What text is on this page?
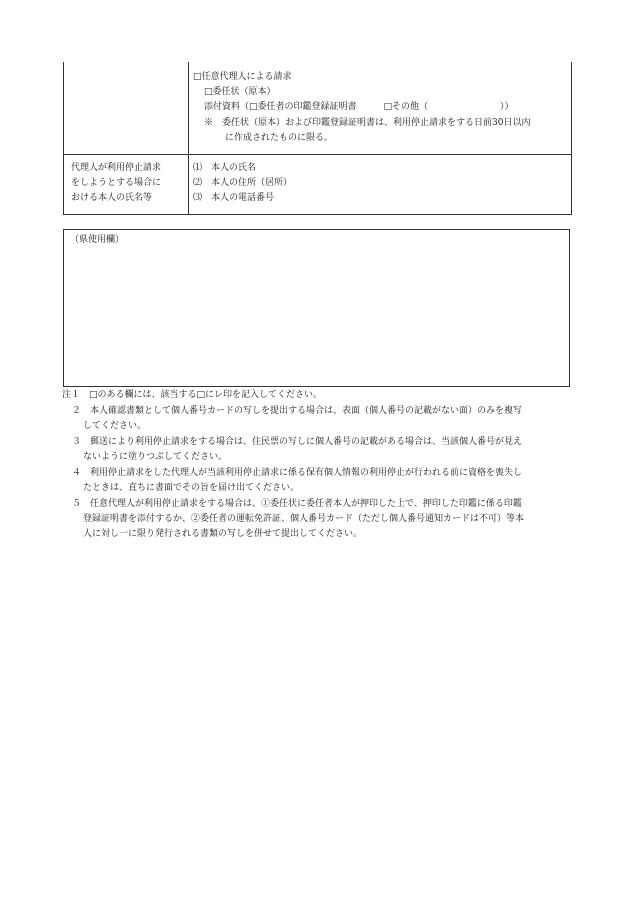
□任意代理人による請求
□委任状（原本）
添付資料（□委任者の印鑑登録証明書　　　□その他（　　　　　　　　））
※　委任状（原本）および印鑑登録証明書は、利用停止請求をする日前30日以内
に作成されたものに限る。
代理人が利用停止請求
をしようとする場合に
おける本人の氏名等
⑴　本人の氏名
⑵　本人の住所（居所）
⑶　本人の電話番号
（県使用欄）
注１　□のある欄には、該当する□にレ印を記入してください。
２　本人確認書類として個人番号カードの写しを提出する場合は、表面（個人番号の記載がない面）のみを複写
してください。
３　郵送により利用停止請求をする場合は、住民票の写しに個人番号の記載がある場合は、当該個人番号が見え
ないように塗りつぶしてください。
４　利用停止請求をした代理人が当該利用停止請求に係る保有個人情報の利用停止が行われる前に資格を喪失し
たときは、直ちに書面でその旨を届け出てください。
５　任意代理人が利用停止請求をする場合は、①委任状に委任者本人が押印した上で、押印した印鑑に係る印鑑
登録証明書を添付するか、②委任者の運転免許証、個人番号カード（ただし個人番号通知カードは不可）等本
人に対し一に限り発行される書類の写しを併せて提出してください。
